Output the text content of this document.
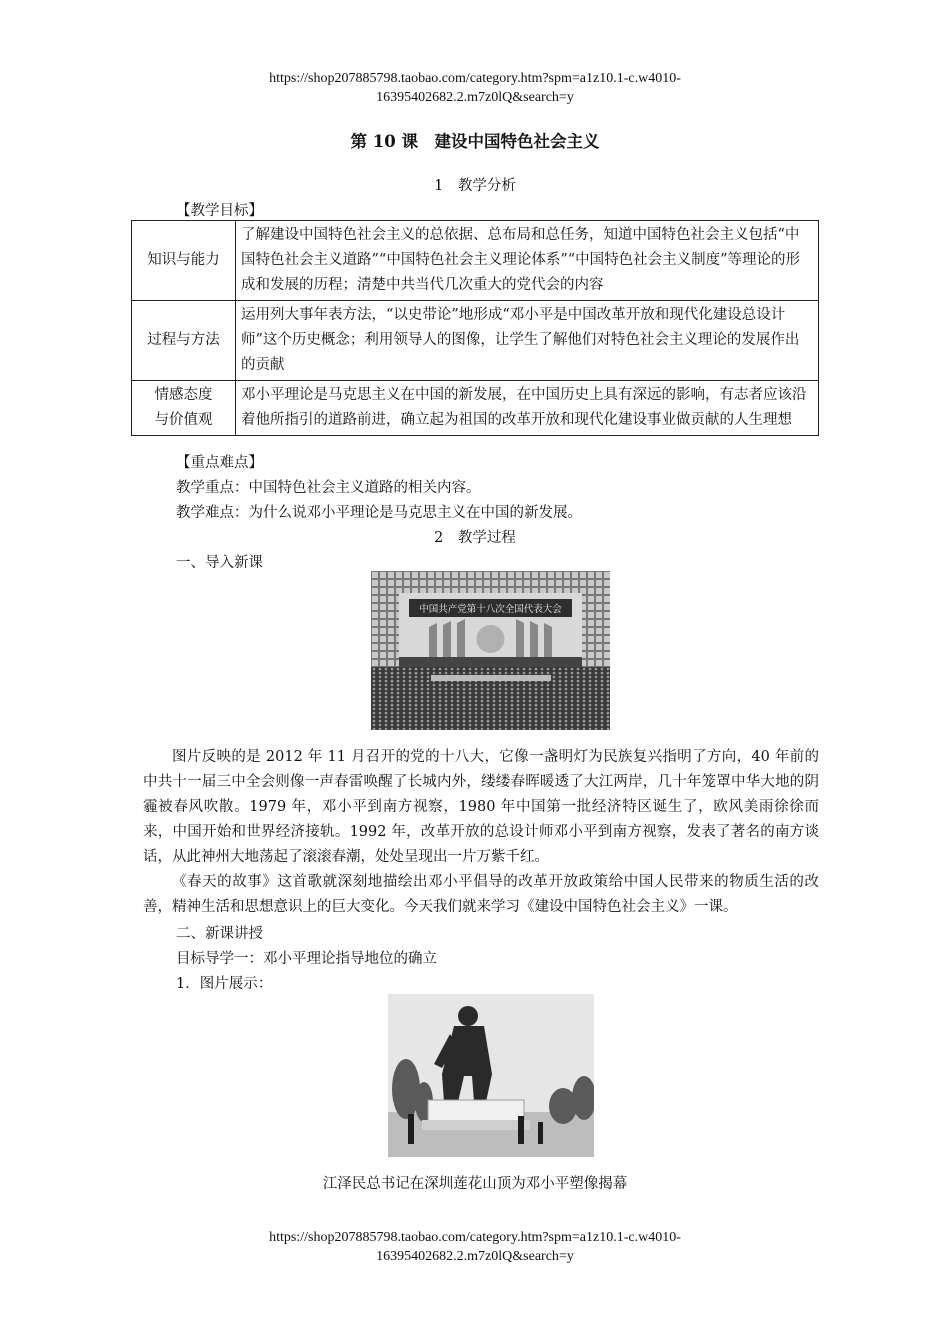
https://shop207885798.taobao.com/category.htm?spm=a1z10.1-c.w4010-
16395402682.2.m7z0lQ&search=y
第 10 课　建设中国特色社会主义
1　教学分析
【教学目标】
知识与能力	了解建设中国特色社会主义的总依据、总布局和总任务，知道中国特色社会主义包括“中国特色社会主义道路”“中国特色社会主义理论体系”“中国特色社会主义制度”等理论的形成和发展的历程；清楚中共当代几次重大的党代会的内容
过程与方法	运用列大事年表方法，“以史带论”地形成“邓小平是中国改革开放和现代化建设总设计师”这个历史概念；利用领导人的图像，让学生了解他们对特色社会主义理论的发展作出的贡献

情感态度
与价值观	邓小平理论是马克思主义在中国的新发展，在中国历史上具有深远的影响，有志者应该沿着他所指引的道路前进，确立起为祖国的改革开放和现代化建设事业做贡献的人生理想
【重点难点】
教学重点：中国特色社会主义道路的相关内容。
教学难点：为什么说邓小平理论是马克思主义在中国的新发展。
2　教学过程
一、导入新课
中国共产党第十八次全国代表大会

图片反映的是 2012 年 11 月召开的党的十八大，它像一盏明灯为民族复兴指明了方向，40 年前的中共十一届三中全会则像一声春雷唤醒了长城内外，缕缕春晖暖透了大江两岸，几十年笼罩中华大地的阴霾被春风吹散。1979 年，邓小平到南方视察，1980 年中国第一批经济特区诞生了，欧风美雨徐徐而来，中国开始和世界经济接轨。1992 年，改革开放的总设计师邓小平到南方视察，发表了著名的南方谈话，从此神州大地荡起了滚滚春潮，处处呈现出一片万紫千红。

《春天的故事》这首歌就深刻地描绘出邓小平倡导的改革开放政策给中国人民带来的物质生活的改善，精神生活和思想意识上的巨大变化。今天我们就来学习《建设中国特色社会主义》一课。

二、新课讲授
目标导学一：邓小平理论指导地位的确立
1．图片展示：
江泽民总书记在深圳莲花山顶为邓小平塑像揭幕
https://shop207885798.taobao.com/category.htm?spm=a1z10.1-c.w4010-
16395402682.2.m7z0lQ&search=y
